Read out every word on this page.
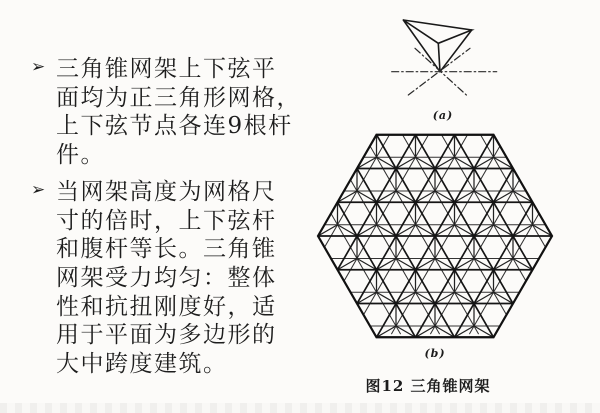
➢ 三角锥网架上下弦平
面均为正三角形网格，
上下弦节点各连9根杆
件。
➢ 当网架高度为网格尺
寸的倍时，上下弦杆
和腹杆等长。三角锥
网架受力均匀：整体
性和抗扭刚度好，适
用于平面为多边形的
大中跨度建筑。
(a)
(b)
图12 三角锥网架
